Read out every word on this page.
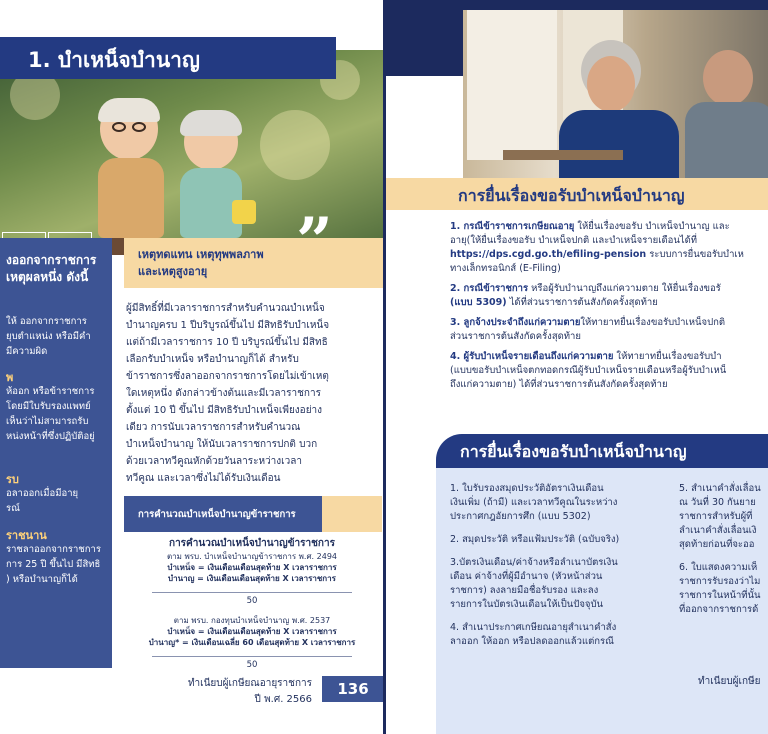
1. บำเหน็จบำนาญ
งออกจากราชการ
เหตุผลหนึ่ง ดังนี้
ให้ ออกจากราชการ
ยุบตำแหน่ง หรือมีคำ
มีความผิด
พ
ห้ออก หรือข้าราชการ
โดยมีใบรับรองแพทย์
เห็นว่าไม่สามารถรับ
หน่งหน้าที่ซึ่งปฏิบัติอยู่
รบ
อลาออกเมื่อมีอายุ
รณ์
ราชนาน
ราชลาออกจากราชการ
การ 25 ปี ขึ้นไป มีสิทธิ
) หรือบำนาญก็ได้
เหตุทดแทน เหตุทุพพลภาพ
และเหตุสูงอายุ	”
ผู้มีสิทธิ์ที่มีเวลาราชการสำหรับคำนวณบำเหน็จ
บำนาญครบ 1 ปีบริบูรณ์ขึ้นไป มีสิทธิรับบำเหน็จ
แต่ถ้ามีเวลาราชการ 10 ปี บริบูรณ์ขึ้นไป มีสิทธิ
เลือกรับบำเหน็จ หรือบำนาญก็ได้ สำหรับ
ข้าราชการซึ่งลาออกจากราชการโดยไม่เข้าเหตุ
ใดเหตุหนึ่ง ดังกล่าวข้างต้นและมีเวลาราชการ
ตั้งแต่ 10 ปี ขึ้นไป มีสิทธิรับบำเหน็จเพียงอย่าง
เดียว การนับเวลาราชการสำหรับคำนวณ
บำเหน็จบำนาญ ให้นับเวลาราชการปกติ บวก
ด้วยเวลาทวีคูณหักด้วยวันลาระหว่างเวลา
ทวีคูณ และเวลาซึ่งไม่ได้รับเงินเดือน
การคำนวณบำเหน็จบำนาญข้าราชการ
การคำนวณบำเหน็จบำนาญข้าราชการ
ตาม พรบ. บำเหน็จบำนาญข้าราชการ พ.ศ. 2494
บำเหน็จ = เงินเดือนเดือนสุดท้าย X เวลาราชการ
บำนาญ = เงินเดือนเดือนสุดท้าย X เวลาราชการ
50
ตาม พรบ. กองทุนบำเหน็จบำนาญ พ.ศ. 2537
บำเหน็จ = เงินเดือนเดือนสุดท้าย X เวลาราชการ
บำนาญ* = เงินเดือนเฉลี่ย 60 เดือนสุดท้าย X เวลาราชการ
50
ทำเนียบผู้เกษียณอายุราชการ
ปี พ.ศ. 2566
136
การยื่นเรื่องขอรับบำเหน็จบำนาญ

1. กรณีข้าราชการเกษียณอายุ ให้ยื่นเรื่องขอรับ บำเหน็จบำนาญ และ
อายุ(ให้ยื่นเรื่องขอรับ บำเหน็จปกติ และบำเหน็จรายเดือนได้ที่
https://dps.cgd.go.th/efiling-pension ระบบการยื่นขอรับบำเห
ทางเล็กทรอนิกส์ (E-Filing)

2. กรณีข้าราชการ หรือผู้รับบำนาญถึงแก่ความตาย ให้ยื่นเรื่องขอรั
(แบบ 5309) ได้ที่ส่วนราชการต้นสังกัดครั้งสุดท้าย

3. ลูกจ้างประจำถึงแก่ความตายให้ทายาทยื่นเรื่องขอรับบำเหน็จปกติ
ส่วนราชการต้นสังกัดครั้งสุดท้าย

4. ผู้รับบำเหน็จรายเดือนถึงแก่ความตาย ให้ทายาทยื่นเรื่องขอรับบำ
(แบบขอรับบำเหน็จตกทอดกรณีผู้รับบำเหน็จรายเดือนหรือผู้รับบำเหน็
ถึงแก่ความตาย) ได้ที่ส่วนราชการต้นสังกัดครั้งสุดท้าย

การยื่นเรื่องขอรับบำเหน็จบำนาญ

1. ใบรับรองสมุดประวัติอัตราเงินเดือน
เงินเพิ่ม (ถ้ามี) และเวลาทวีคูณในระหว่าง
ประกาศกฎอัยการศึก (แบบ 5302)

2. สมุดประวัติ หรือแฟ้มประวัติ (ฉบับจริง)

3.บัตรเงินเดือน/ค่าจ้างหรือลำเนาบัตรเงิน
เดือน ค่าจ้างที่ผู้มีอำนาจ (หัวหน้าส่วน
ราชการ) ลงลายมือชื่อรับรอง และลง
รายการในบัตรเงินเดือนให้เป็นปัจจุบัน

4. สำเนาประกาศเกษียณอายุสำเนาคำสั่ง
ลาออก ให้ออก หรือปลดออกแล้วแต่กรณี

5. สำเนาคำสั่งเลื่อน
ณ วันที่ 30 กันยาย
ราชการสำหรับผู้ที่
ลำเนาคำสั่งเลื่อนเงิ
สุดท้ายก่อนที่จะออ

6. ใบแสดงความเห็
ราชการรับรองว่าไม
ราชการในหน้าที่นั้น
ที่ออกจากราชการด้

ทำเนียบผู้เกษีย
